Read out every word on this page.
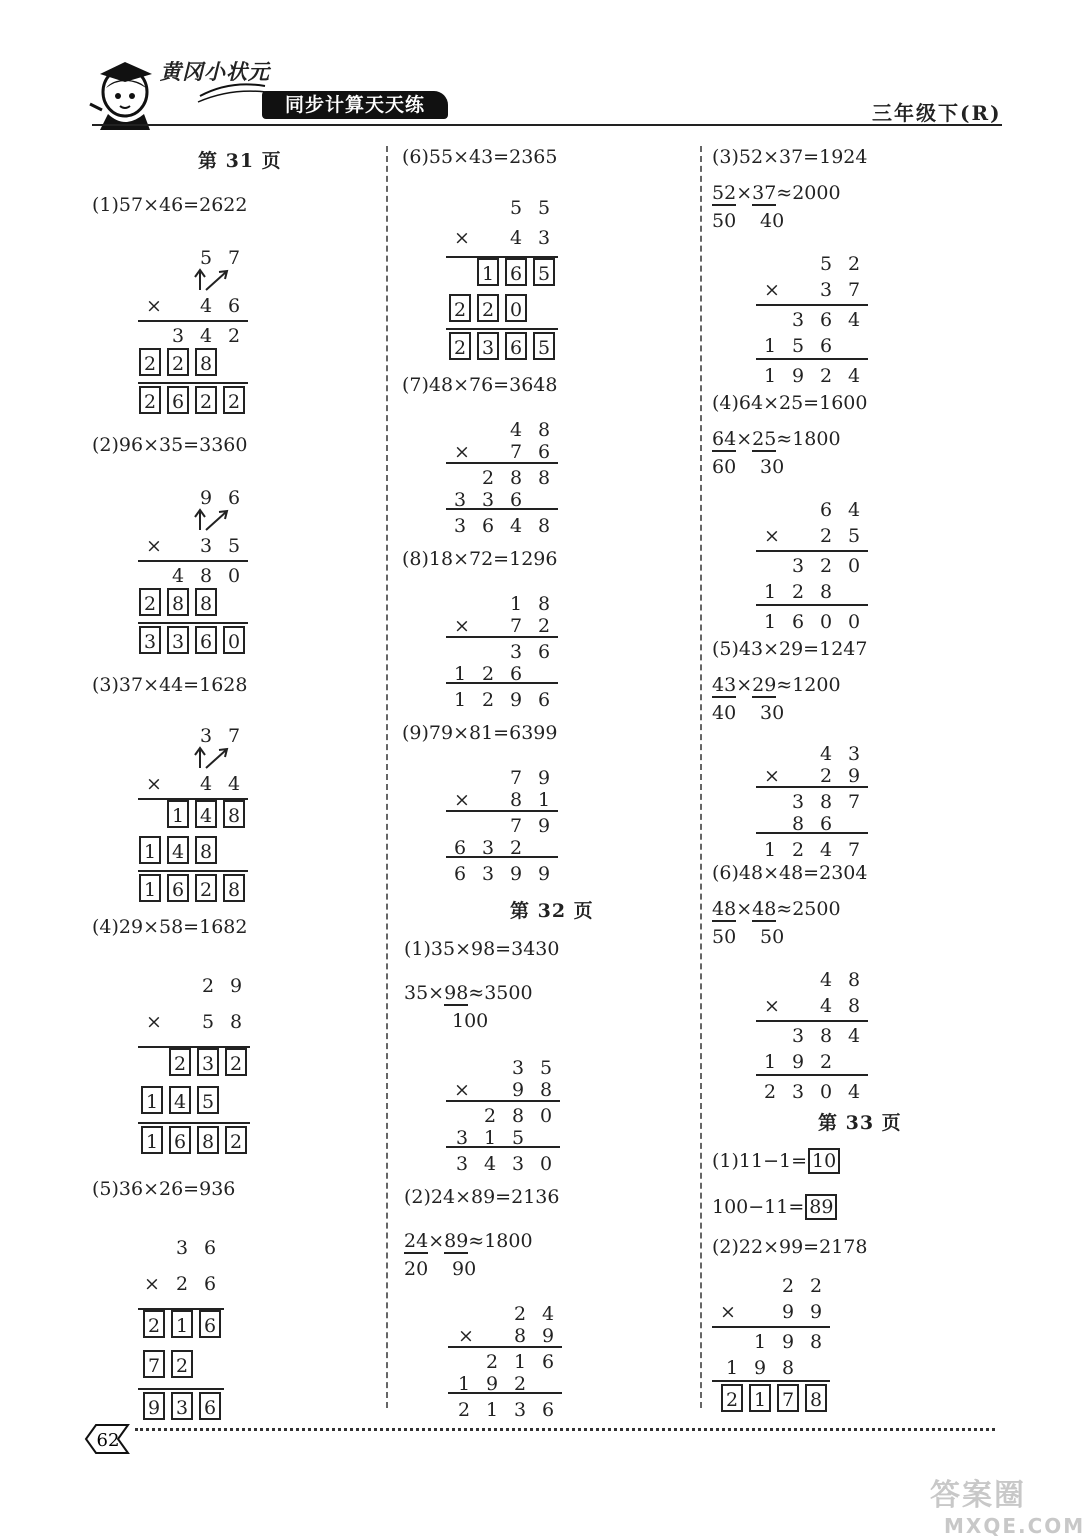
黄冈小状元
同步计算天天练	三年级下(R)
第 31 页
(1)57×46=2622
5 7
×	4 6
3 4 2
2 2 8
2 6 2 2
(2)96×35=3360
9 6
×	3 5
4 8 0
2 8 8
3 3 6 0
(3)37×44=1628
3 7
×	4 4
1 4 8
1 4 8
1 6 2 8
(4)29×58=1682
2 9
×	5 8
2 3 2
1 4 5
1 6 8 2
(5)36×26=936
3 6
× 2 6
2 1 6
7 2
9 3 6
(6)55×43=2365
5 5
×	4 3
1 6 5
2 2 0
2 3 6 5
(7)48×76=3648
4 8
×	7 6
2 8 8
3 3 6
3 6 4 8
(8)18×72=1296
1 8
×	7 2
3 6
1 2 6
1 2 9 6
(9)79×81=6399
7 9
×	8 1
7 9
6 3 2
6 3 9 9
第 32 页
(1)35×98=3430
35×98≈3500
100
3 5
×	9 8
2 8 0
3 1 5
3 4 3 0
(2)24×89=2136
24×89≈1800
20 90
2 4
×	8 9
2 1 6
1 9 2
2 1 3 6
(3)52×37=1924
52×37≈2000
50 40
5 2
×	3 7
3 6 4
1 5 6
1 9 2 4
(4)64×25=1600
64×25≈1800
60 30
6 4
×	2 5
3 2 0
1 2 8
1 6 0 0
(5)43×29=1247
43×29≈1200
40 30
4 3
×	2 9
3 8 7
8 6
1 2 4 7
(6)48×48=2304
48×48≈2500
50 50
4 8
×	4 8
3 8 4
1 9 2
2 3 0 4
第 33 页
(1)11−1= 10
100−11= 89
(2)22×99=2178
2 2
×	9 9
1 9 8
1 9 8
2 1 7 8
62
答案圈
MXQE.COM
